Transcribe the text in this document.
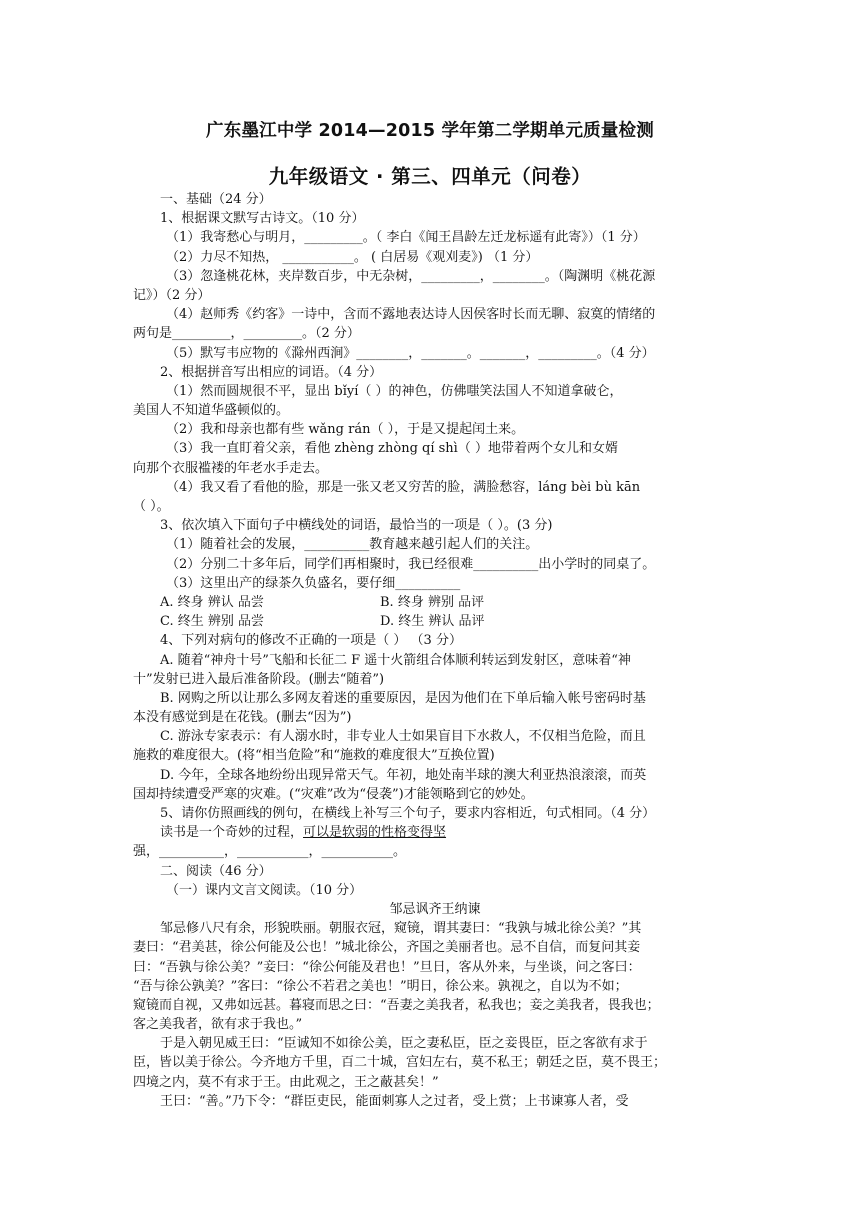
广东墨江中学 2014—2015 学年第二学期单元质量检测
九年级语文 · 第三、四单元（问卷）
一、基础（24 分）
1、根据课文默写古诗文。（10 分）
（1）我寄愁心与明月，_________。（ 李白《闻王昌龄左迁龙标遥有此寄》）（1 分）
（2）力尽不知热， ___________。 ( 白居易《观刈麦》) （1 分）
（3）忽逢桃花林，夹岸数百步，中无杂树，_________，________。（陶渊明《桃花源
记》）（2 分）
（4）赵师秀《约客》一诗中，含而不露地表达诗人因侯客时长而无聊、寂寞的情绪的
两句是_________，_________。（2 分）
（5）默写韦应物的《滁州西涧》________，_______。_______，_________。（4 分）
2、根据拼音写出相应的词语。（4 分）
（1）然而圆规很不平，显出 bǐyí（ ）的神色，仿佛嗤笑法国人不知道拿破仑，
美国人不知道华盛顿似的。
（2）我和母亲也都有些 wǎng rán（ ），于是又提起闰土来。
（3）我一直盯着父亲，看他 zhèng zhòng qí shì（ ）地带着两个女儿和女婿
向那个衣服褴褛的年老水手走去。
（4）我又看了看他的脸，那是一张又老又穷苦的脸，满脸愁容，láng bèi bù kān
（ ）。
3、依次填入下面句子中横线处的词语，最恰当的一项是（ ）。(3 分)
（1）随着社会的发展，__________教育越来越引起人们的关注。
（2）分别二十多年后，同学们再相聚时，我已经很难__________出小学时的同桌了。
（3）这里出产的绿茶久负盛名，要仔细__________
A. 终身 辨认 品尝	B. 终身 辨别 品评
C. 终生 辨别 品尝	D. 终生 辨认 品评
4、下列对病句的修改不正确的一项是（ ） （3 分）
A. 随着“神舟十号”飞船和长征二 F 遥十火箭组合体顺利转运到发射区，意味着“神
十”发射已进入最后准备阶段。(删去“随着”)
B. 网购之所以让那么多网友着迷的重要原因，是因为他们在下单后输入帐号密码时基
本没有感觉到是在花钱。(删去“因为”)
C. 游泳专家表示：有人溺水时，非专业人士如果盲目下水救人，不仅相当危险，而且
施救的难度很大。(将“相当危险”和“施救的难度很大”互换位置)
D. 今年，全球各地纷纷出现异常天气。年初，地处南半球的澳大利亚热浪滚滚，而英
国却持续遭受严寒的灾难。(“灾难”改为“侵袭”)才能领略到它的妙处。
5、请你仿照画线的例句，在横线上补写三个句子，要求内容相近，句式相同。（4 分）
读书是一个奇妙的过程，可以是软弱的性格变得坚
强，__________，___________，___________。
二、阅读（46 分）
（一）课内文言文阅读。（10 分）
邹忌讽齐王纳谏
邹忌修八尺有余，形貌昳丽。朝服衣冠，窥镜，谓其妻曰：“我孰与城北徐公美？”其
妻曰：“君美甚，徐公何能及公也！”城北徐公，齐国之美丽者也。忌不自信，而复问其妾
曰：“吾孰与徐公美？”妾曰：“徐公何能及君也！”旦日，客从外来，与坐谈，问之客曰：
“吾与徐公孰美？”客曰：“徐公不若君之美也！”明日，徐公来。孰视之，自以为不如；
窥镜而自视，又弗如远甚。暮寝而思之曰：“吾妻之美我者，私我也；妾之美我者，畏我也；
客之美我者，欲有求于我也。”
于是入朝见威王曰：“臣诚知不如徐公美，臣之妻私臣，臣之妾畏臣，臣之客欲有求于
臣，皆以美于徐公。今齐地方千里，百二十城，宫妇左右，莫不私王；朝廷之臣，莫不畏王；
四境之内，莫不有求于王。由此观之，王之蔽甚矣！”
王曰：“善。”乃下令：“群臣吏民，能面刺寡人之过者，受上赏；上书谏寡人者，受
